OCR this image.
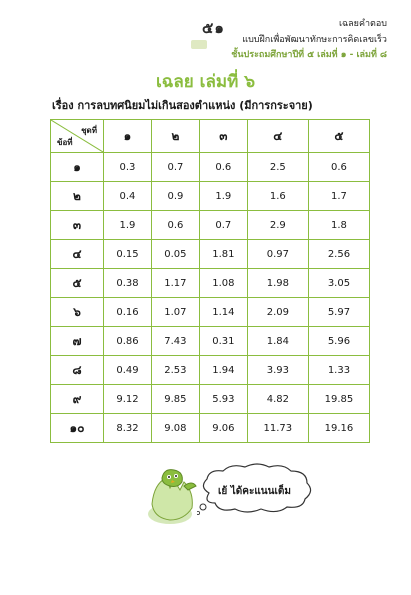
๕๑	เฉลยคำตอบ
แบบฝึกเพื่อพัฒนาทักษะการคิดเลขเร็ว
ชั้นประถมศึกษาปีที่ ๕ เล่มที่ ๑ - เล่มที่ ๘
เฉลย เล่มที่ ๖
เรื่อง การลบทศนิยมไม่เกินสองตำแหน่ง (มีการกระจาย)
ชุดที่
ข้อที่	๑	๒	๓	๔	๕
๑	0.3	0.7	0.6	2.5	0.6
๒	0.4	0.9	1.9	1.6	1.7
๓	1.9	0.6	0.7	2.9	1.8
๔	0.15	0.05	1.81	0.97	2.56
๕	0.38	1.17	1.08	1.98	3.05
๖	0.16	1.07	1.14	2.09	5.97
๗	0.86	7.43	0.31	1.84	5.96
๘	0.49	2.53	1.94	3.93	1.33
๙	9.12	9.85	5.93	4.82	19.85
๑๐	8.32	9.08	9.06	11.73	19.16
เย้ ได้คะแนนเต็ม
